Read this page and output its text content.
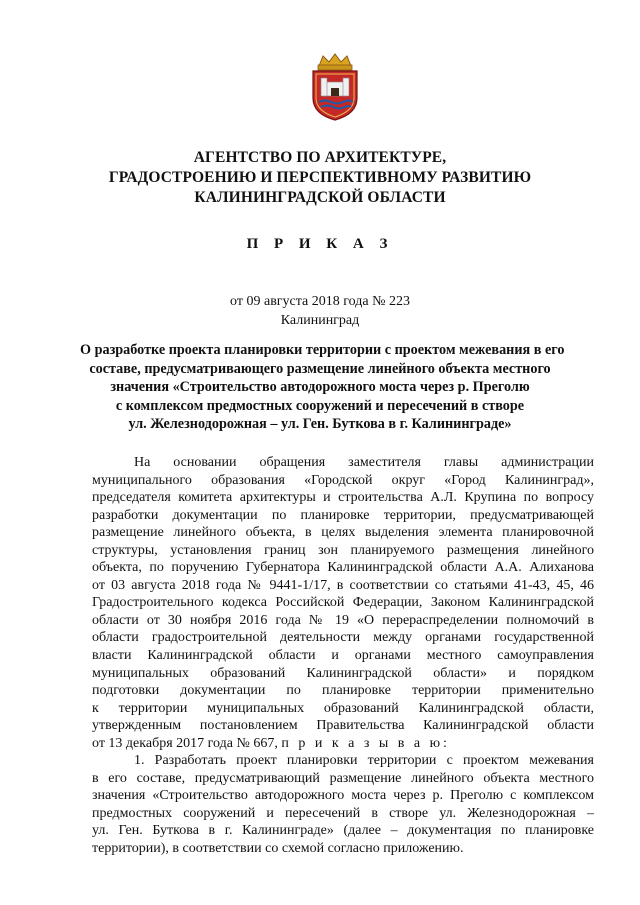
АГЕНТСТВО ПО АРХИТЕКТУРЕ,
ГРАДОСТРОЕНИЮ И ПЕРСПЕКТИВНОМУ РАЗВИТИЮ
КАЛИНИНГРАДСКОЙ ОБЛАСТИ
П Р И К А З
от 09 августа 2018 года № 223
Калининград
О разработке проекта планировки территории с проектом межевания в его
составе, предусматривающего размещение линейного объекта местного
значения «Строительство автодорожного моста через р. Преголю
с комплексом предмостных сооружений и пересечений в створе
ул. Железнодорожная – ул. Ген. Буткова в г. Калининграде»
На основании обращения заместителя главы администрации
муниципального образования «Городской округ «Город Калининград»,
председателя комитета архитектуры и строительства А.Л. Крупина по вопросу
разработки документации по планировке территории, предусматривающей
размещение линейного объекта, в целях выделения элемента планировочной
структуры, установления границ зон планируемого размещения линейного
объекта, по поручению Губернатора Калининградской области А.А. Алиханова
от 03 августа 2018 года № 9441-1/17, в соответствии со статьями 41-43, 45, 46
Градостроительного кодекса Российской Федерации, Законом Калининградской
области от 30 ноября 2016 года № 19 «О перераспределении полномочий в
области градостроительной деятельности между органами государственной
власти Калининградской области и органами местного самоуправления
муниципальных образований Калининградской области» и порядком
подготовки документации по планировке территории применительно
к территории муниципальных образований Калининградской области,
утвержденным постановлением Правительства Калининградской области
от 13 декабря 2017 года № 667, п р и к а з ы в а ю:
1. Разработать проект планировки территории с проектом межевания
в его составе, предусматривающий размещение линейного объекта местного
значения «Строительство автодорожного моста через р. Преголю с комплексом
предмостных сооружений и пересечений в створе ул. Железнодорожная –
ул. Ген. Буткова в г. Калининграде» (далее – документация по планировке
территории), в соответствии со схемой согласно приложению.
